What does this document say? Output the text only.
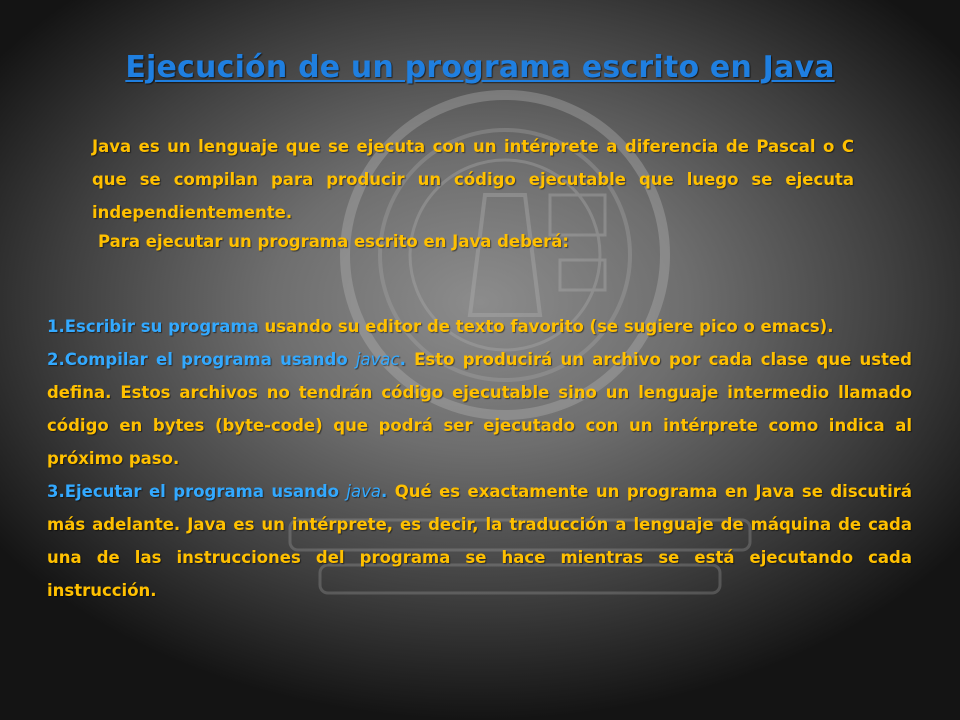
Ejecución de un programa escrito en Java

Java es un lenguaje que se ejecuta con un intérprete a diferencia de Pascal o C que se compilan para producir un código ejecutable que luego se ejecuta independientemente.

Para ejecutar un programa escrito en Java deberá:

1.Escribir su programa usando su editor de texto favorito (se sugiere pico o emacs).

2.Compilar el programa usando javac. Esto producirá un archivo por cada clase que usted defina. Estos archivos no tendrán código ejecutable sino un lenguaje intermedio llamado código en bytes (byte-code) que podrá ser ejecutado con un intérprete como indica al próximo paso.

3.Ejecutar el programa usando java. Qué es exactamente un programa en Java se discutirá más adelante. Java es un intérprete, es decir, la traducción a lenguaje de máquina de cada una de las instrucciones del programa se hace mientras se está ejecutando cada instrucción.
